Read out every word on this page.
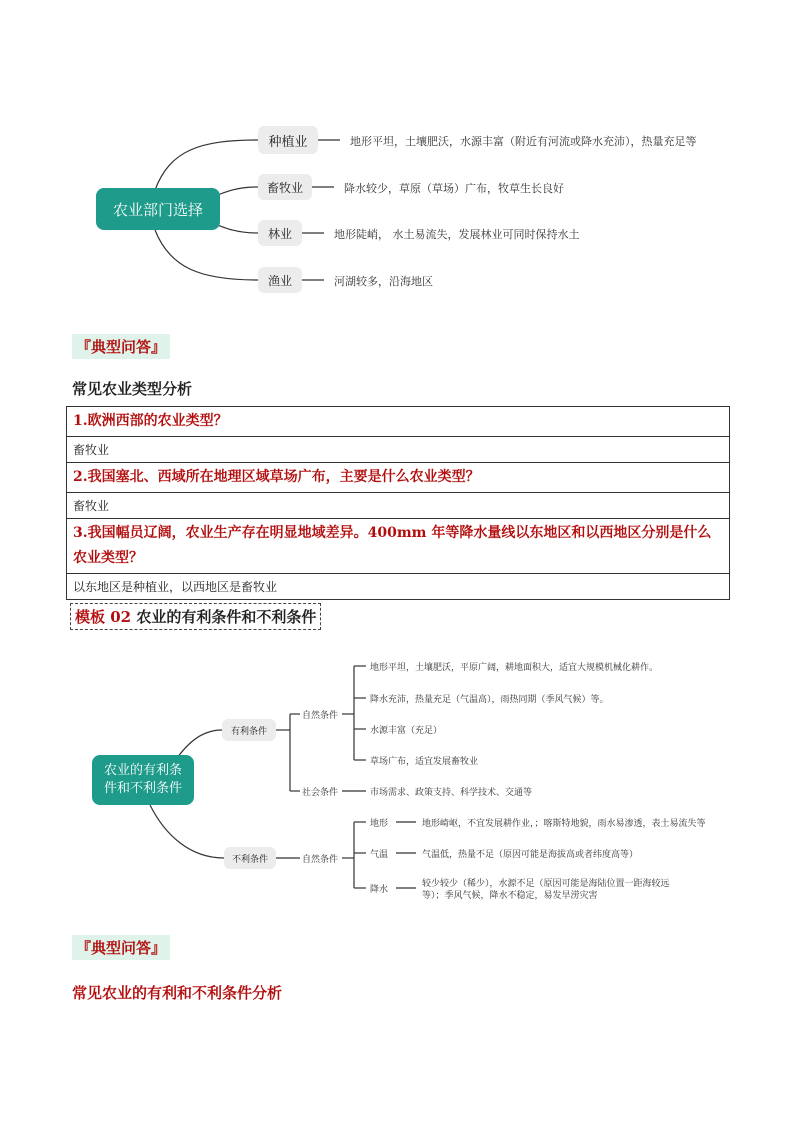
农业部门选择
种植业	地形平坦，土壤肥沃，水源丰富（附近有河流或降水充沛），热量充足等
畜牧业	降水较少，草原（草场）广布，牧草生长良好
林业	地形陡峭， 水土易流失，发展林业可同时保持水土
渔业	河湖较多，沿海地区
『典型问答』
常见农业类型分析
1.欧洲西部的农业类型？
畜牧业
2.我国塞北、西域所在地理区域草场广布，主要是什么农业类型？
畜牧业
3.我国幅员辽阔，农业生产存在明显地域差异。400mm 年等降水量线以东地区和以西地区分别是什么农业类型？
以东地区是种植业，以西地区是畜牧业
模板 02 农业的有利条件和不利条件
农业的有利条件和不利条件
有利条件
自然条件
地形平坦，土壤肥沃，平原广阔，耕地面积大，适宜大规模机械化耕作。
降水充沛，热量充足（气温高），雨热同期（季风气候）等。
水源丰富（充足）
草场广布，适宜发展畜牧业
社会条件	市场需求、政策支持、科学技术、交通等
不利条件	自然条件
地形	地形崎岖，不宜发展耕作业，；喀斯特地貌，雨水易渗透，表土易流失等
气温	气温低，热量不足（原因可能是海拔高或者纬度高等）
降水
较少较少（稀少），水源不足（原因可能是海陆位置一距海较远
等）；季风气候，降水不稳定，易发旱涝灾害
『典型问答』
常见农业的有利和不利条件分析
